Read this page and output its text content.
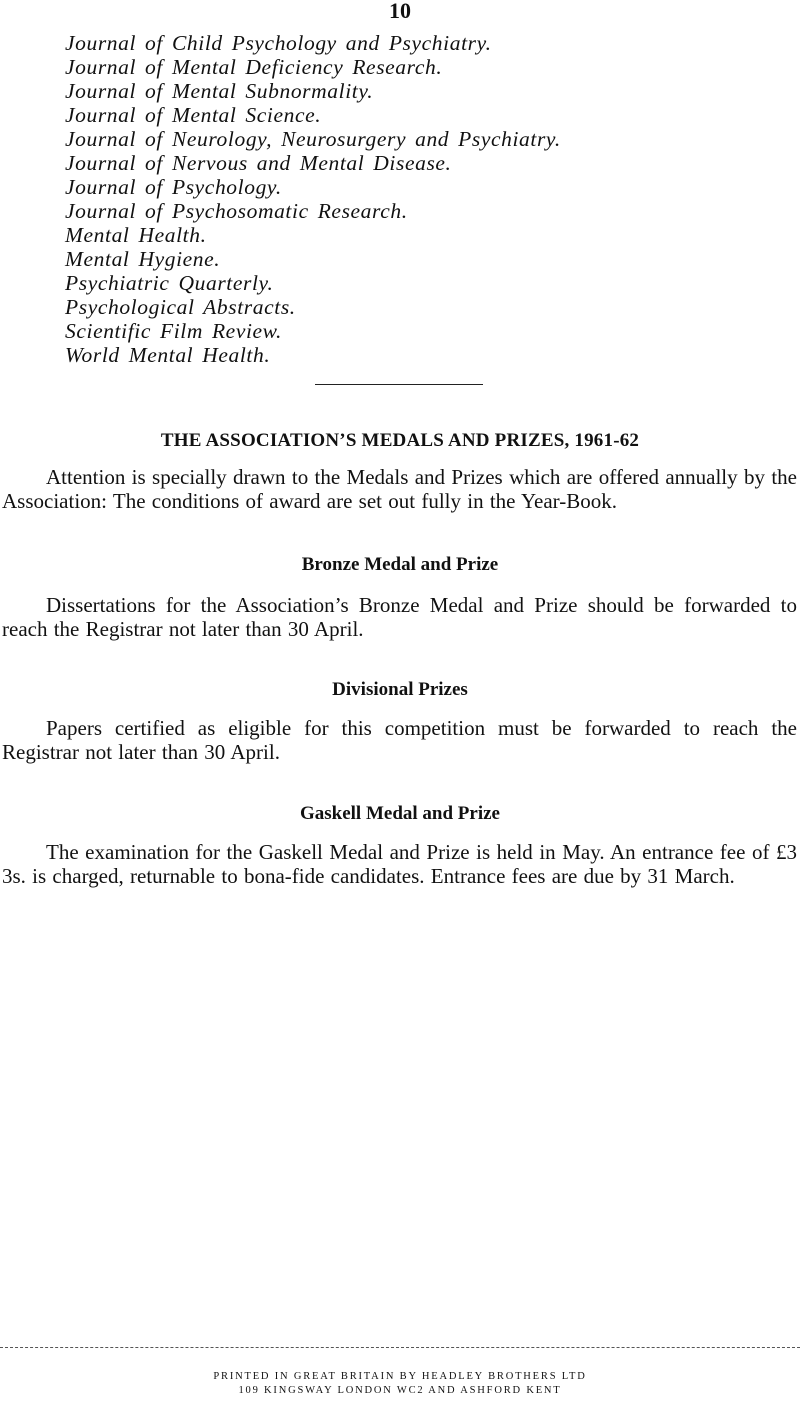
10
Journal of Child Psychology and Psychiatry.
Journal of Mental Deficiency Research.
Journal of Mental Subnormality.
Journal of Mental Science.
Journal of Neurology, Neurosurgery and Psychiatry.
Journal of Nervous and Mental Disease.
Journal of Psychology.
Journal of Psychosomatic Research.
Mental Health.
Mental Hygiene.
Psychiatric Quarterly.
Psychological Abstracts.
Scientific Film Review.
World Mental Health.
THE ASSOCIATION’S MEDALS AND PRIZES, 1961-62

Attention is specially drawn to the Medals and Prizes which are offered annually by the Association: The conditions of award are set out fully in the Year-Book.

Bronze Medal and Prize

Dissertations for the Association’s Bronze Medal and Prize should be forwarded to reach the Registrar not later than 30 April.

Divisional Prizes

Papers certified as eligible for this competition must be forwarded to reach the Registrar not later than 30 April.

Gaskell Medal and Prize

The examination for the Gaskell Medal and Prize is held in May. An entrance fee of £3 3s. is charged, returnable to bona-fide candidates. Entrance fees are due by 31 March.

PRINTED IN GREAT BRITAIN BY HEADLEY BROTHERS LTD
109 KINGSWAY LONDON WC2 AND ASHFORD KENT
